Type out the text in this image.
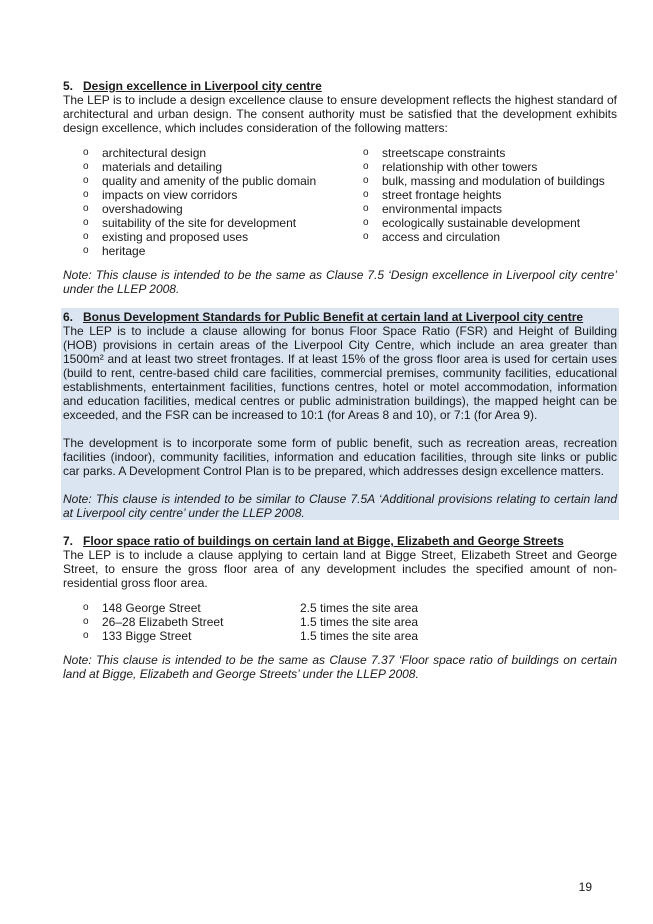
5. Design excellence in Liverpool city centre

The LEP is to include a design excellence clause to ensure development reflects the highest standard of architectural and urban design. The consent authority must be satisfied that the development exhibits design excellence, which includes consideration of the following matters:

o architectural design
o materials and detailing
o quality and amenity of the public domain
o impacts on view corridors
o overshadowing
o suitability of the site for development
o existing and proposed uses
o heritage
o streetscape constraints
o relationship with other towers
o bulk, massing and modulation of buildings
o street frontage heights
o environmental impacts
o ecologically sustainable development
o access and circulation

Note: This clause is intended to be the same as Clause 7.5 ‘Design excellence in Liverpool city centre’ under the LLEP 2008.

6. Bonus Development Standards for Public Benefit at certain land at Liverpool city centre

The LEP is to include a clause allowing for bonus Floor Space Ratio (FSR) and Height of Building (HOB) provisions in certain areas of the Liverpool City Centre, which include an area greater than 1500m² and at least two street frontages. If at least 15% of the gross floor area is used for certain uses (build to rent, centre-based child care facilities, commercial premises, community facilities, educational establishments, entertainment facilities, functions centres, hotel or motel accommodation, information and education facilities, medical centres or public administration buildings), the mapped height can be exceeded, and the FSR can be increased to 10:1 (for Areas 8 and 10), or 7:1 (for Area 9).

The development is to incorporate some form of public benefit, such as recreation areas, recreation facilities (indoor), community facilities, information and education facilities, through site links or public car parks. A Development Control Plan is to be prepared, which addresses design excellence matters.

Note: This clause is intended to be similar to Clause 7.5A ‘Additional provisions relating to certain land at Liverpool city centre’ under the LLEP 2008.

7. Floor space ratio of buildings on certain land at Bigge, Elizabeth and George Streets

The LEP is to include a clause applying to certain land at Bigge Street, Elizabeth Street and George Street, to ensure the gross floor area of any development includes the specified amount of non-residential gross floor area.

o 148 George Street	2.5 times the site area
o 26–28 Elizabeth Street	1.5 times the site area
o 133 Bigge Street	1.5 times the site area

Note: This clause is intended to be the same as Clause 7.37 ‘Floor space ratio of buildings on certain land at Bigge, Elizabeth and George Streets’ under the LLEP 2008.

19
